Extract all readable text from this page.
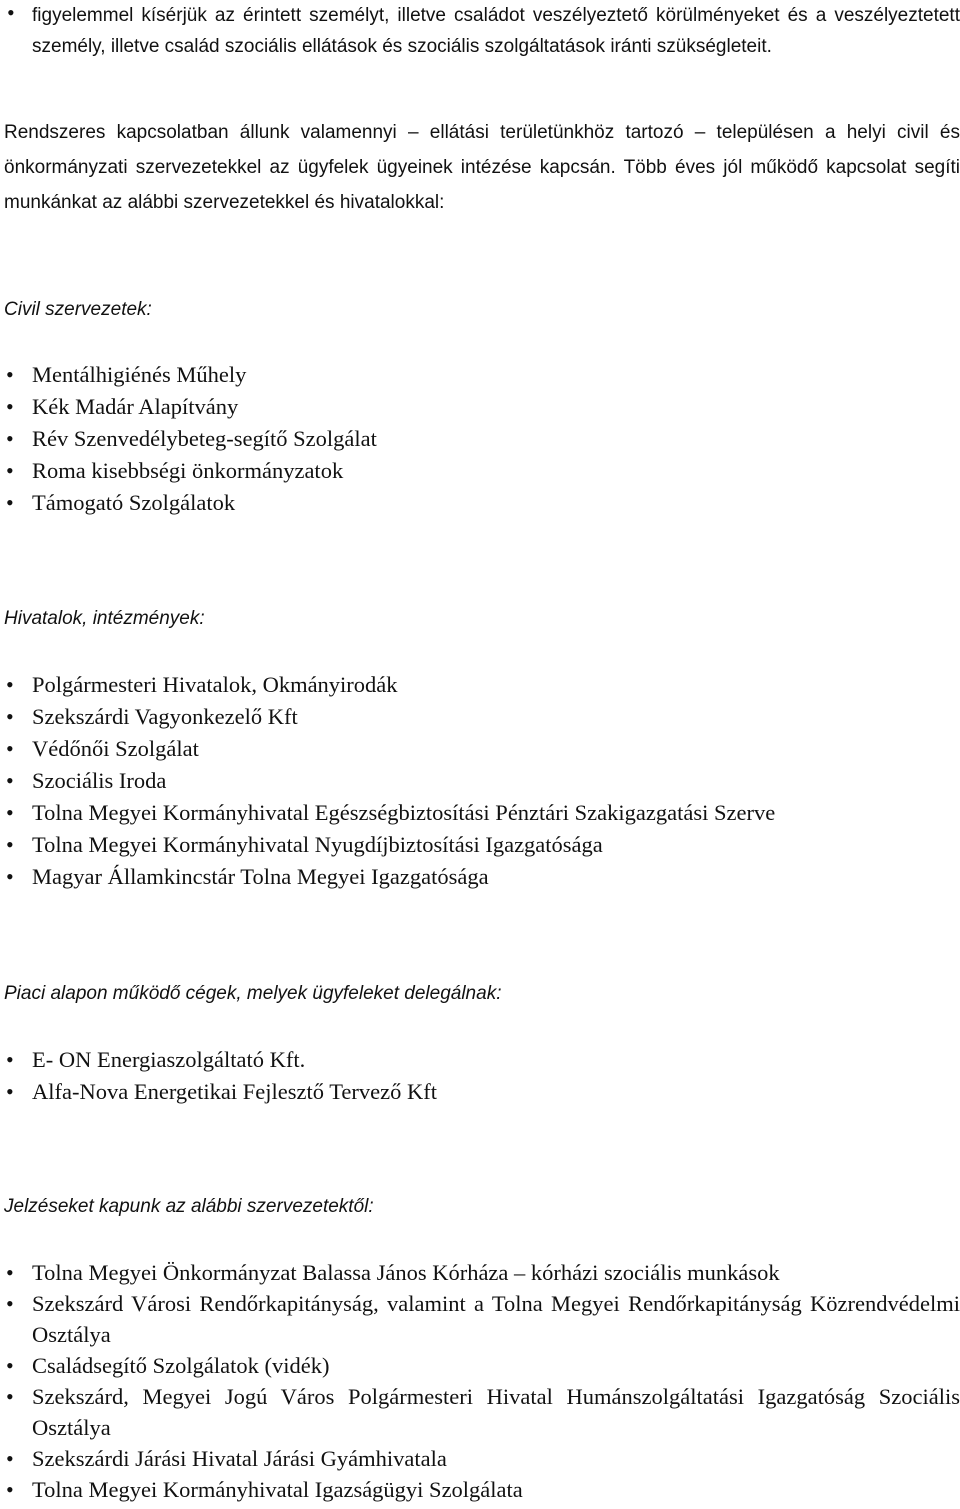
• figyelemmel kísérjük az érintett személyt, illetve családot veszélyeztető körülményeket és a veszélyeztetett személy, illetve család szociális ellátások és szociális szolgáltatások iránti szükségleteit.
Rendszeres kapcsolatban állunk valamennyi – ellátási területünkhöz tartozó – településen a helyi civil és önkormányzati szervezetekkel az ügyfelek ügyeinek intézése kapcsán. Több éves jól működő kapcsolat segíti munkánkat az alábbi szervezetekkel és hivatalokkal:
Civil szervezetek:
• Mentálhigiénés Műhely
• Kék Madár Alapítvány
• Rév Szenvedélybeteg-segítő Szolgálat
• Roma kisebbségi önkormányzatok
• Támogató Szolgálatok
Hivatalok, intézmények:
• Polgármesteri Hivatalok, Okmányirodák
• Szekszárdi Vagyonkezelő Kft
• Védőnői Szolgálat
• Szociális Iroda
• Tolna Megyei Kormányhivatal Egészségbiztosítási Pénztári Szakigazgatási Szerve
• Tolna Megyei Kormányhivatal Nyugdíjbiztosítási Igazgatósága
• Magyar Államkincstár Tolna Megyei Igazgatósága
Piaci alapon működő cégek, melyek ügyfeleket delegálnak:
• E- ON Energiaszolgáltató Kft.
• Alfa-Nova Energetikai Fejlesztő Tervező Kft
Jelzéseket kapunk az alábbi szervezetektől:
• Tolna Megyei Önkormányzat Balassa János Kórháza – kórházi szociális munkások
• Szekszárd Városi Rendőrkapitányság, valamint a Tolna Megyei Rendőrkapitányság Közrendvédelmi Osztálya
• Családsegítő Szolgálatok (vidék)
• Szekszárd, Megyei Jogú Város Polgármesteri Hivatal Humánszolgáltatási Igazgatóság Szociális Osztálya
• Szekszárdi Járási Hivatal Járási Gyámhivatala
• Tolna Megyei Kormányhivatal Igazságügyi Szolgálata
